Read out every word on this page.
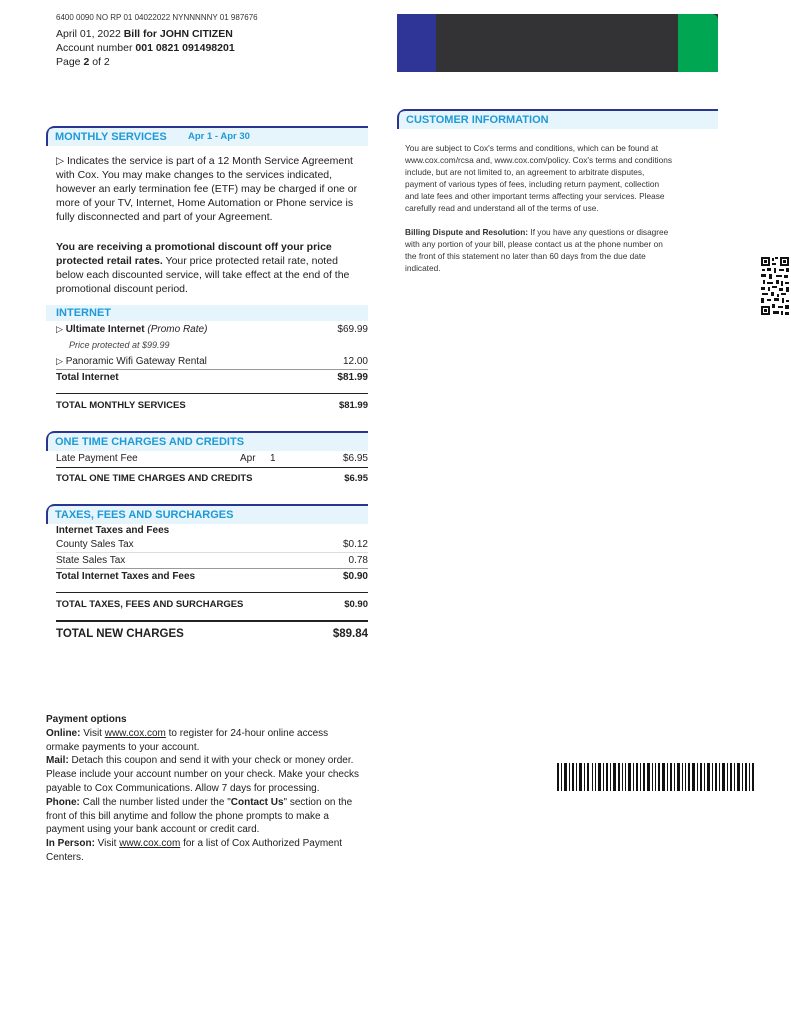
6400 0090 NO RP 01 04022022 NYNNNNNY 01 987676
April 01, 2022 Bill for JOHN CITIZEN
Account number 001 0821 091498201
Page 2 of 2
MONTHLY SERVICES Apr 1 - Apr 30
▷ Indicates the service is part of a 12 Month Service Agreement
with Cox. You may make changes to the services indicated,
however an early termination fee (ETF) may be charged if one or
more of your TV, Internet, Home Automation or Phone service is
fully disconnected and part of your Agreement.
You are receiving a promotional discount off your price
protected retail rates. Your price protected retail rate, noted
below each discounted service, will take effect at the end of the
promotional discount period.
INTERNET
▷ Ultimate Internet (Promo Rate)	$69.99
Price protected at $99.99
▷ Panoramic Wifi Gateway Rental	12.00
Total Internet	$81.99
TOTAL MONTHLY SERVICES	$81.99
ONE TIME CHARGES AND CREDITS
Late Payment Fee	Apr 1	$6.95
TOTAL ONE TIME CHARGES AND CREDITS	$6.95
TAXES, FEES AND SURCHARGES
Internet Taxes and Fees
County Sales Tax	$0.12
State Sales Tax	0.78
Total Internet Taxes and Fees	$0.90
TOTAL TAXES, FEES AND SURCHARGES	$0.90
TOTAL NEW CHARGES	$89.84
CUSTOMER INFORMATION
You are subject to Cox's terms and conditions, which can be found at
www.cox.com/rcsa and, www.cox.com/policy. Cox's terms and conditions
include, but are not limited to, an agreement to arbitrate disputes,
payment of various types of fees, including return payment, collection
and late fees and other important terms affecting your services. Please
carefully read and understand all of the terms of use.
Billing Dispute and Resolution: If you have any questions or disagree
with any portion of your bill, please contact us at the phone number on
the front of this statement no later than 60 days from the due date
indicated.
Payment options
Online: Visit www.cox.com to register for 24-hour online access
ormake payments to your account.
Mail: Detach this coupon and send it with your check or money order.
Please include your account number on your check. Make your checks
payable to Cox Communications. Allow 7 days for processing.
Phone: Call the number listed under the "Contact Us" section on the
front of this bill anytime and follow the phone prompts to make a
payment using your bank account or credit card.
In Person: Visit www.cox.com for a list of Cox Authorized Payment
Centers.
